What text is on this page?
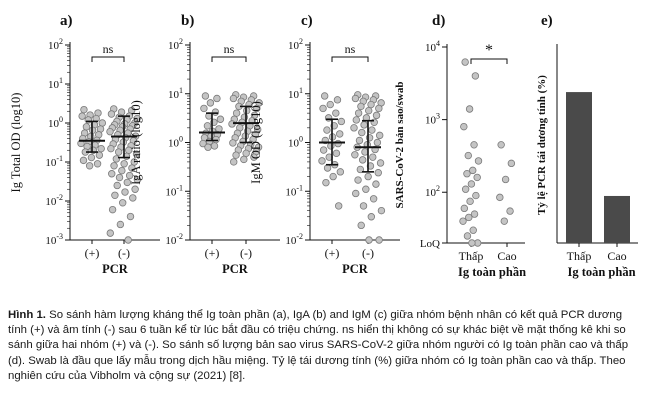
a)
Ig Total OD (log10)
$10^{-3}$
$10^{-2}$
$10^{-1}$
$10^0$
$10^1$
$10^2$
(+) (-)
PCR
ns
b)
IgA ratio (log10)
$10^{-2}$
$10^{-1}$
$10^0$
$10^1$
$10^2$
(+) (-)
PCR
ns
c)
IgM OD (log10)
$10^{-2}$
$10^{-1}$
$10^0$
$10^1$
$10^2$
(+) (-)
PCR
ns
d)
SARS-CoV-2 bản sao/swab
LoQ
$10^2$
$10^3$
$10^4$
Thấp Cao
Ig toàn phần
*
e)
Tỷ lệ PCR tái dương tính (%)
Thấp Cao
Ig toàn phần
Hình 1. So sánh hàm lượng kháng thể Ig toàn phần (a), IgA (b) and IgM (c) giữa nhóm bệnh nhân có kết quả PCR dương tính (+) và âm tính (-) sau 6 tuần kể từ lúc bắt đầu có triệu chứng. ns hiển thị không có sự khác biệt về mặt thống kê khi so sánh giữa hai nhóm (+) và (-). So sánh số lượng bản sao virus SARS-CoV-2 giữa nhóm người có Ig toàn phần cao và thấp (d). Swab là đầu que lấy mẫu trong dịch hầu miệng. Tỷ lệ tái dương tính (%) giữa nhóm có Ig toàn phần cao và thấp. Theo nghiên cứu của Vibholm và cộng sự (2021) [8].
